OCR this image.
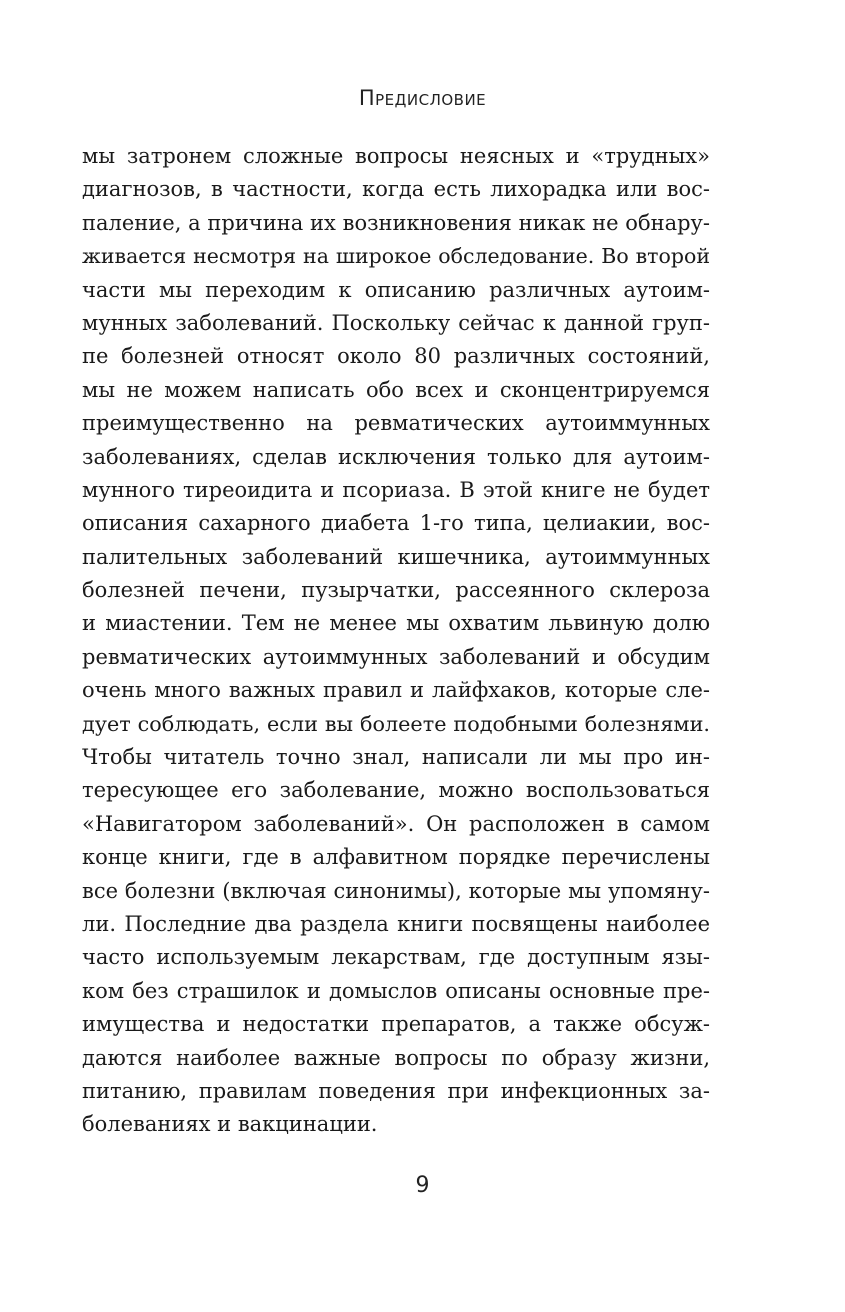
Предисловие
мы затронем сложные вопросы неясных и «трудных»
диагнозов, в частности, когда есть лихорадка или вос-
паление, а причина их возникновения никак не обнару-
живается несмотря на широкое обследование. Во второй
части мы переходим к описанию различных аутоим-
мунных заболеваний. Поскольку сейчас к данной груп-
пе болезней относят около 80 различных состояний,
мы не можем написать обо всех и сконцентрируемся
преимущественно на ревматических аутоиммунных
заболеваниях, сделав исключения только для аутоим-
мунного тиреоидита и псориаза. В этой книге не будет
описания сахарного диабета 1-го типа, целиакии, вос-
палительных заболеваний кишечника, аутоиммунных
болезней печени, пузырчатки, рассеянного склероза
и миастении. Тем не менее мы охватим львиную долю
ревматических аутоиммунных заболеваний и обсудим
очень много важных правил и лайфхаков, которые сле-
дует соблюдать, если вы болеете подобными болезнями.
Чтобы читатель точно знал, написали ли мы про ин-
тересующее его заболевание, можно воспользоваться
«Навигатором заболеваний». Он расположен в самом
конце книги, где в алфавитном порядке перечислены
все болезни (включая синонимы), которые мы упомяну-
ли. Последние два раздела книги посвящены наиболее
часто используемым лекарствам, где доступным язы-
ком без страшилок и домыслов описаны основные пре-
имущества и недостатки препаратов, а также обсуж-
даются наиболее важные вопросы по образу жизни,
питанию, правилам поведения при инфекционных за-
болеваниях и вакцинации.
9
